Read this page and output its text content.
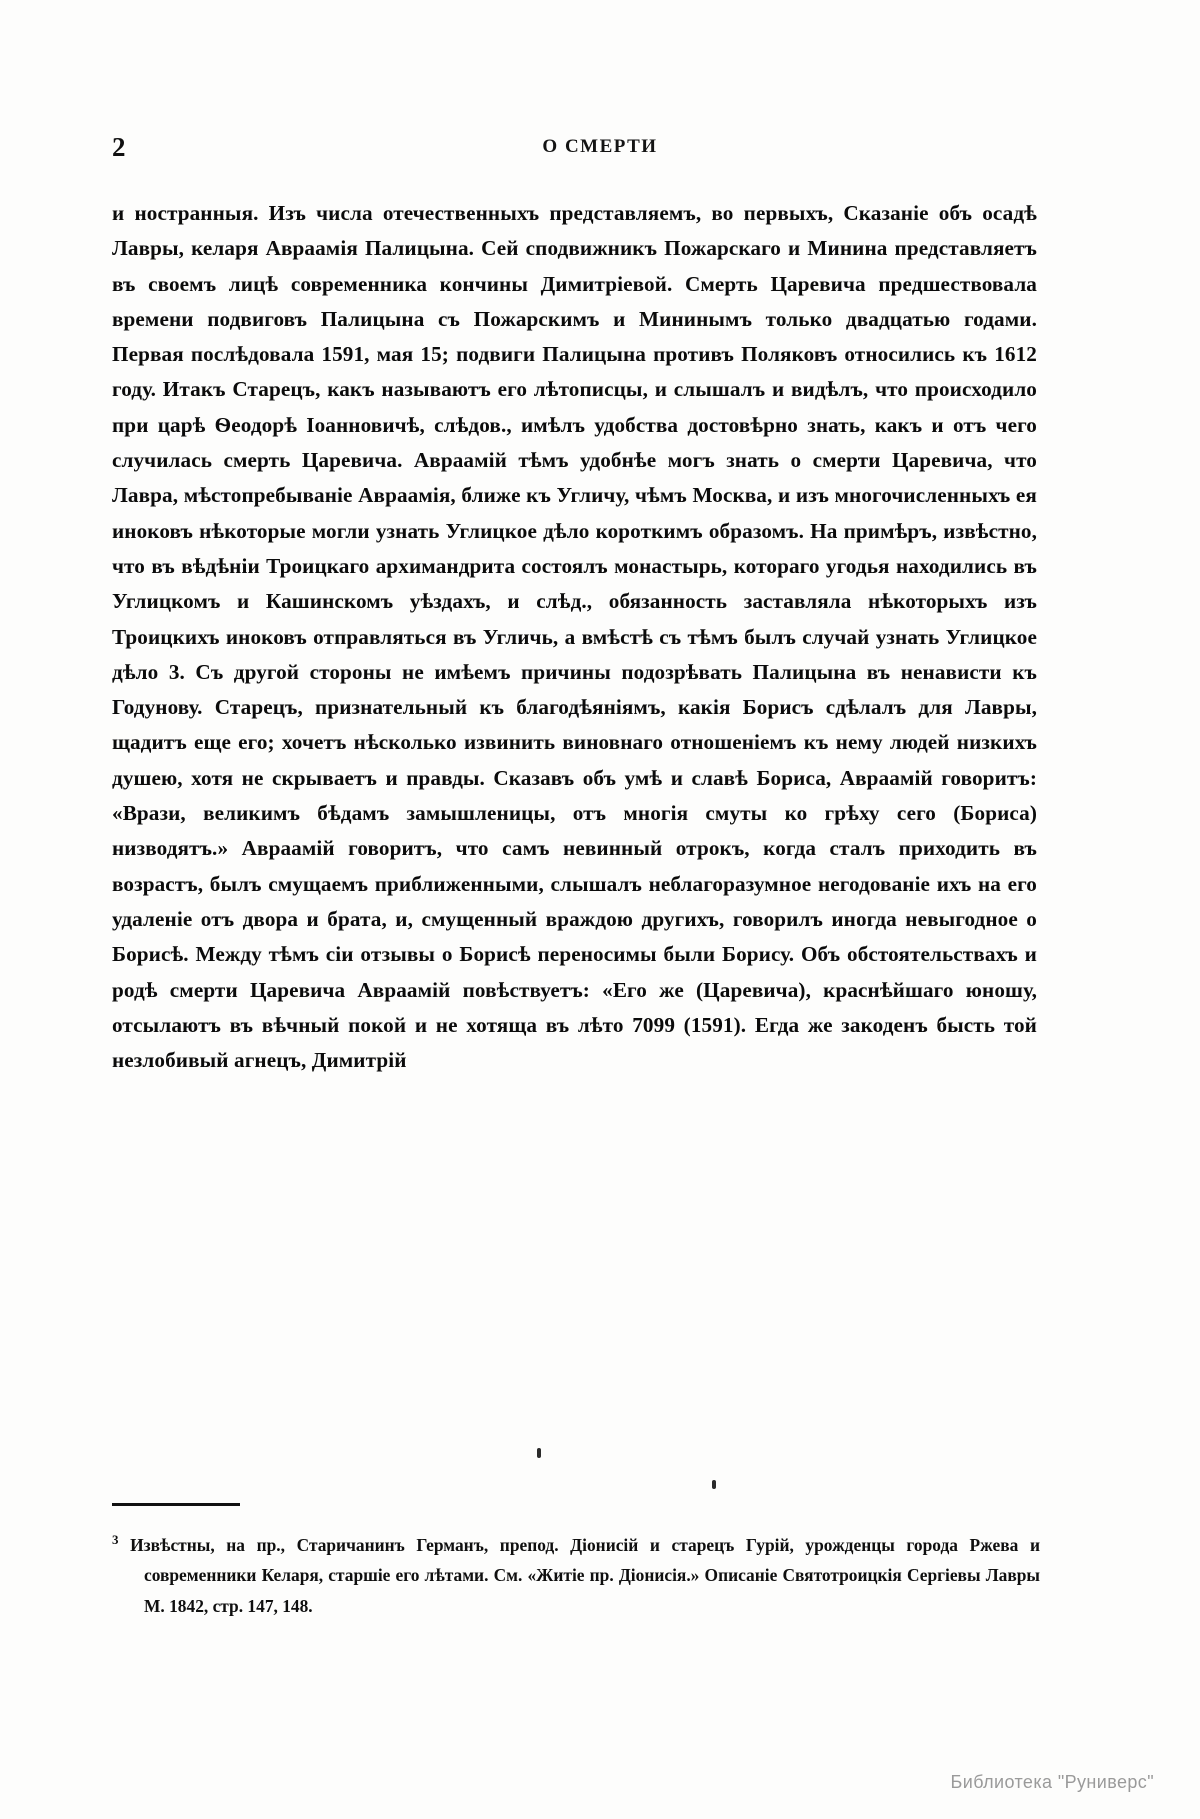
2	О СМЕРТИ

и ностранныя. Изъ числа отечественныхъ представляемъ, во первыхъ, Сказаніе объ осадѣ Лавры, келаря Авраамія Палицына. Сей сподвижникъ Пожарскаго и Минина представляетъ въ своемъ лицѣ современника кончины Димитріевой. Смерть Царевича предшествовала времени подвиговъ Палицына съ Пожарскимъ и Мининымъ только двадцатью годами. Первая послѣдовала 1591, мая 15; подвиги Палицына противъ Поляковъ относились къ 1612 году. Итакъ Старецъ, какъ называютъ его лѣтописцы, и слышалъ и видѣлъ, что происходило при царѣ Ѳеодорѣ Іоанновичѣ, слѣдов., имѣлъ удобства достовѣрно знать, какъ и отъ чего случилась смерть Царевича. Авраамій тѣмъ удобнѣе могъ знать о смерти Царевича, что Лавра, мѣстопребываніе Авраамія, ближе къ Угличу, чѣмъ Москва, и изъ многочисленныхъ ея иноковъ нѣкоторые могли узнать Углицкое дѣло короткимъ образомъ. На примѣръ, извѣстно, что въ вѣдѣніи Троицкаго архимандрита состоялъ монастырь, котораго угодья находились въ Углицкомъ и Кашинскомъ уѣздахъ, и слѣд., обязанность заставляла нѣкоторыхъ изъ Троицкихъ иноковъ отправляться въ Угличь, а вмѣстѣ съ тѣмъ былъ случай узнать Углицкое дѣло 3. Съ другой стороны не имѣемъ причины подозрѣвать Палицына въ ненависти къ Годунову. Старецъ, признательный къ благодѣяніямъ, какія Борисъ сдѣлалъ для Лавры, щадитъ еще его; хочетъ нѣсколько извинить виновнаго отношеніемъ къ нему людей низкихъ душею, хотя не скрываетъ и правды. Сказавъ объ умѣ и славѣ Бориса, Авраамій говоритъ: «Врази, великимъ бѣдамъ замышленицы, отъ многія смуты ко грѣху сего (Бориса) низводятъ.» Авраамій говоритъ, что самъ невинный отрокъ, когда сталъ приходить въ возрастъ, былъ смущаемъ приближенными, слышалъ неблагоразумное негодованіе ихъ на его удаленіе отъ двора и брата, и, смущенный враждою другихъ, говорилъ иногда невыгодное о Борисѣ. Между тѣмъ сіи отзывы о Борисѣ переносимы были Борису. Объ обстоятельствахъ и родѣ смерти Царевича Авраамій повѣствуетъ: «Его же (Царевича), краснѣйшаго юношу, отсылаютъ въ вѣчный покой и не хотяща въ лѣто 7099 (1591). Егда же закоденъ бысть той незлобивый агнецъ, Димитрій

$^3$ Извѣстны, на пр., Старичанинъ Германъ, препод. Діонисій и старецъ Гурій, урожденцы города Ржева и современники Келаря, старшіе его лѣтами. См. «Житіе пр. Діонисія.» Описаніе Святотроицкія Сергіевы Лавры М. 1842, стр. 147, 148.

Библиотека "Руниверс"
